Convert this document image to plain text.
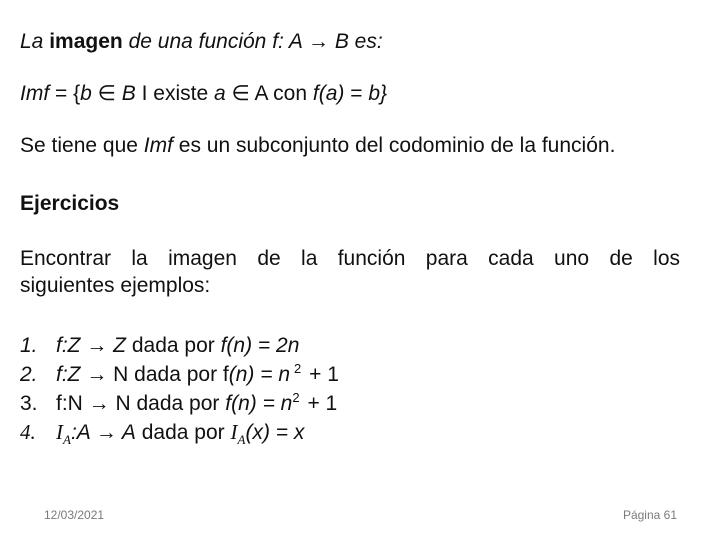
La imagen de una función f: A → B es:
Imf = {b ∈ B I existe a ∈ A con f(a) = b}
Se tiene que Imf es un subconjunto del codominio de la función.
Ejercicios
Encontrar la imagen de la función para cada uno de los
siguientes ejemplos:
1. f:Z → Z dada por f(n) = 2n
2. f:Z → N dada por f(n) = n $^2$ + 1
3. f:N → N dada por $f(n) = n^2 + 1$
4. $I_A:A \to A$ dada por $I_A(x) = x$
12/03/2021	Página 61
